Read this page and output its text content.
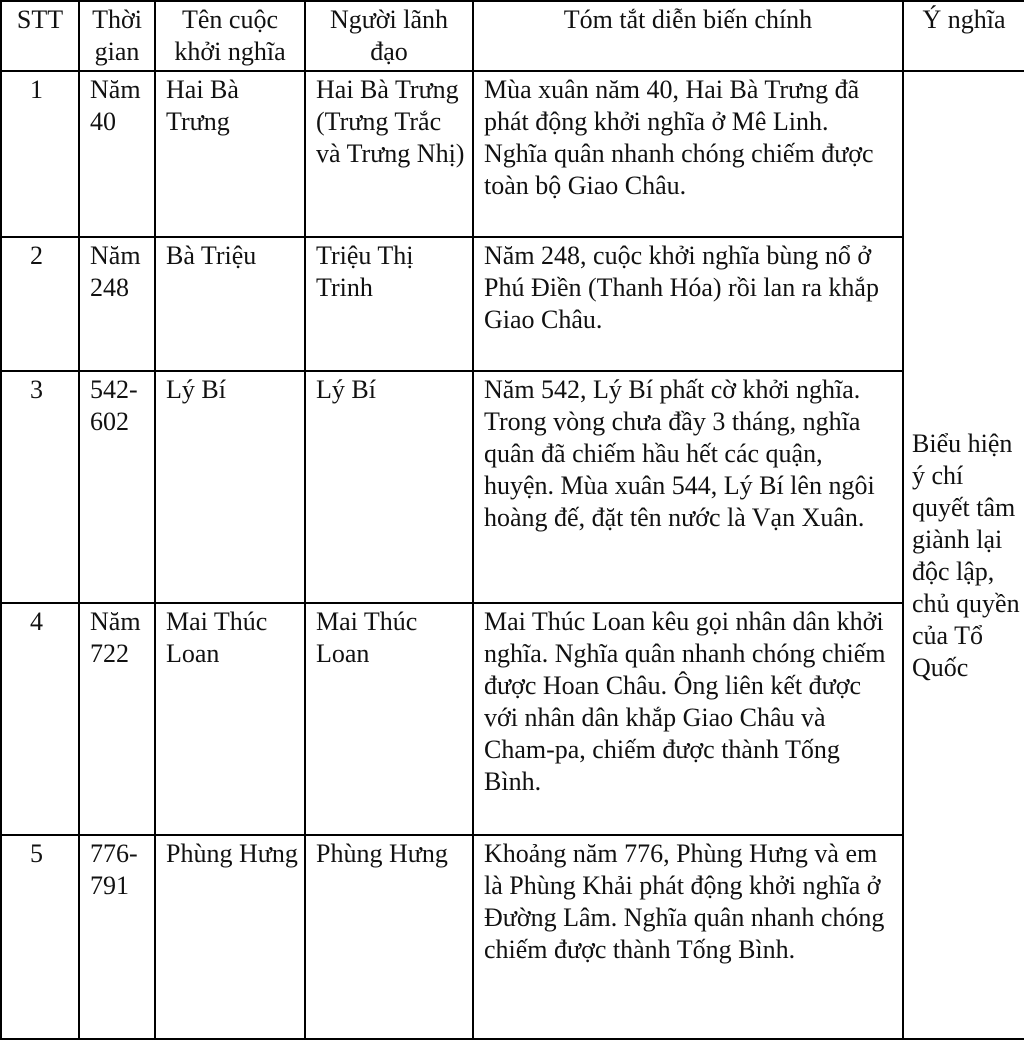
STT	Thời gian	Tên cuộc khởi nghĩa	Người lãnh đạo	Tóm tắt diễn biến chính	Ý nghĩa
1	Năm 40	Hai Bà Trưng	Hai Bà Trưng (Trưng Trắc và Trưng Nhị)	Mùa xuân năm 40, Hai Bà Trưng đã phát động khởi nghĩa ở Mê Linh. Nghĩa quân nhanh chóng chiếm được toàn bộ Giao Châu.	Biểu hiện ý chí quyết tâm giành lại độc lập, chủ quyền của Tổ Quốc
2	Năm 248	Bà Triệu	Triệu Thị Trinh	Năm 248, cuộc khởi nghĩa bùng nổ ở Phú Điền (Thanh Hóa) rồi lan ra khắp Giao Châu.	
3	542-602	Lý Bí	Lý Bí	Năm 542, Lý Bí phất cờ khởi nghĩa. Trong vòng chưa đầy 3 tháng, nghĩa quân đã chiếm hầu hết các quận, huyện. Mùa xuân 544, Lý Bí lên ngôi hoàng đế, đặt tên nước là Vạn Xuân.	
4	Năm 722	Mai Thúc Loan	Mai Thúc Loan	Mai Thúc Loan kêu gọi nhân dân khởi nghĩa. Nghĩa quân nhanh chóng chiếm được Hoan Châu. Ông liên kết được với nhân dân khắp Giao Châu và Cham-pa, chiếm được thành Tống Bình.	
5	776-791	Phùng Hưng	Phùng Hưng	Khoảng năm 776, Phùng Hưng và em là Phùng Khải phát động khởi nghĩa ở Đường Lâm. Nghĩa quân nhanh chóng chiếm được thành Tống Bình.	
